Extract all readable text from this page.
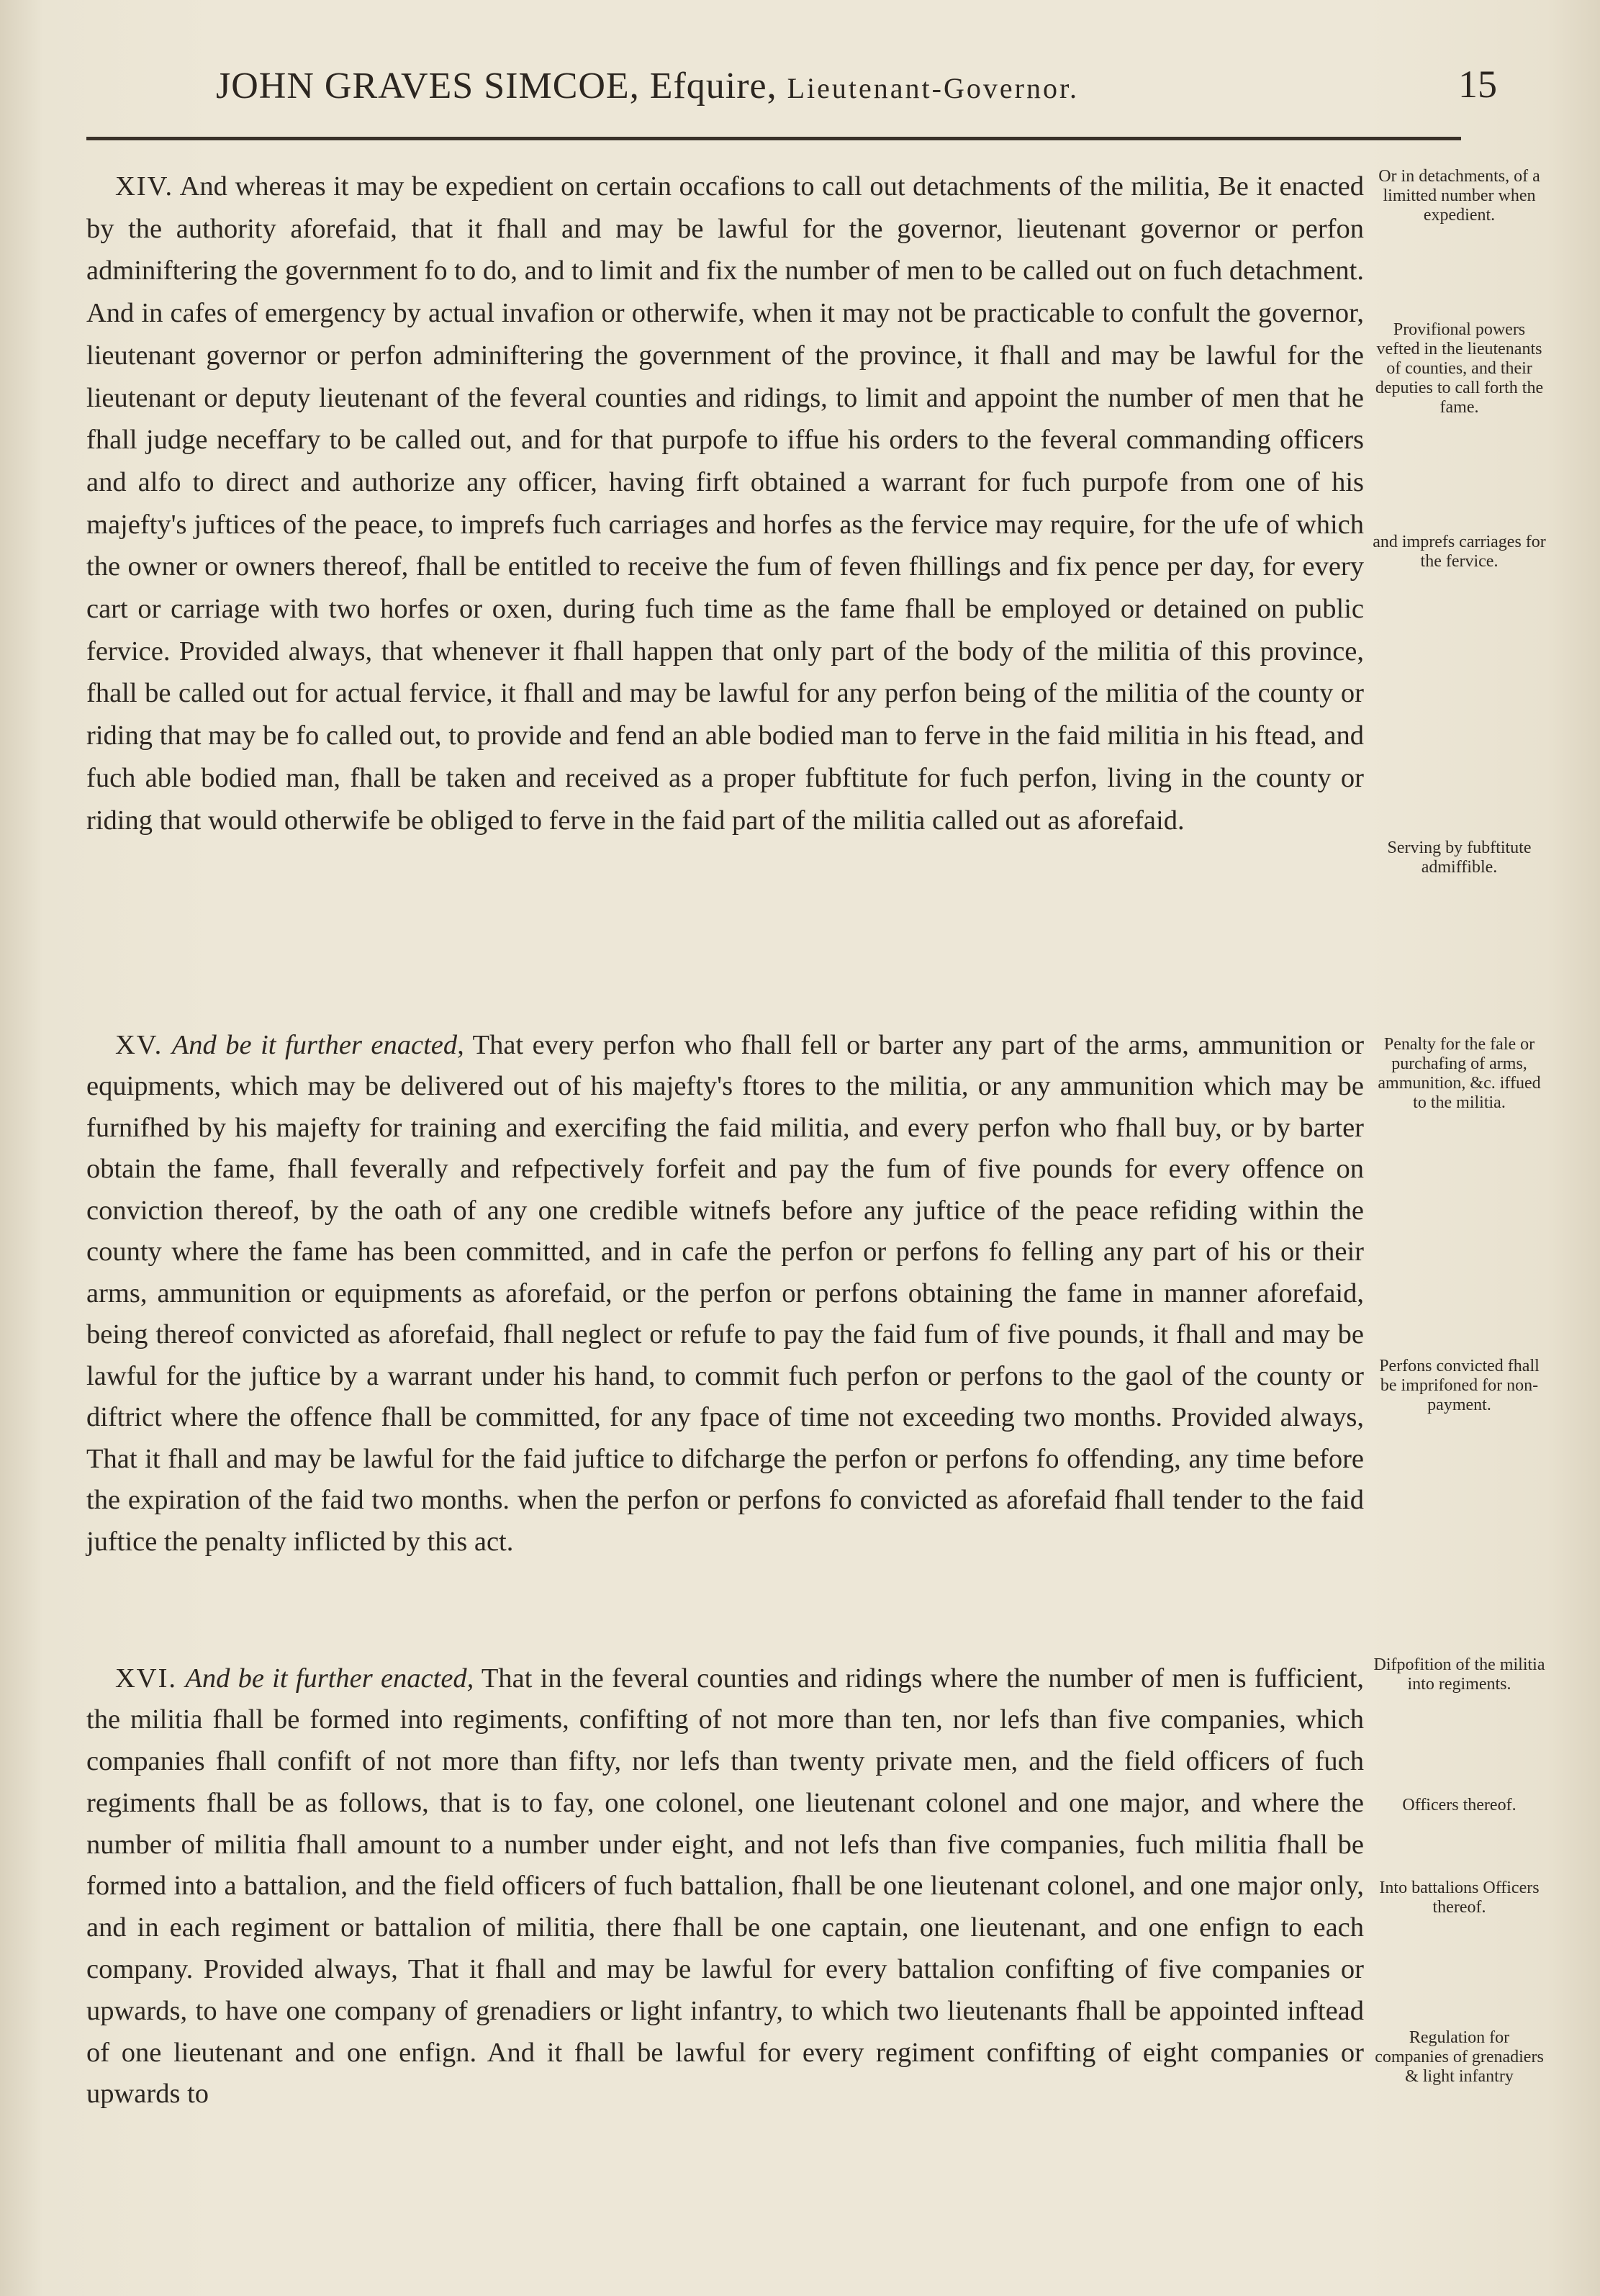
JOHN GRAVES SIMCOE, Efquire, Lieutenant-Governor.	15

XIV. And whereas it may be expedient on certain occafions to call out detachments of the militia, Be it enacted by the authority aforefaid, that it fhall and may be lawful for the governor, lieutenant governor or perfon adminiftering the government fo to do, and to limit and fix the number of men to be called out on fuch detachment. And in cafes of emergency by actual invafion or otherwife, when it may not be practicable to confult the governor, lieutenant governor or perfon adminiftering the government of the province, it fhall and may be lawful for the lieutenant or deputy lieutenant of the feveral counties and ridings, to limit and appoint the number of men that he fhall judge neceffary to be called out, and for that purpofe to iffue his orders to the feveral commanding officers and alfo to direct and authorize any officer, having firft obtained a warrant for fuch purpofe from one of his majefty's juftices of the peace, to imprefs fuch carriages and horfes as the fervice may require, for the ufe of which the owner or owners thereof, fhall be entitled to receive the fum of feven fhillings and fix pence per day, for every cart or carriage with two horfes or oxen, during fuch time as the fame fhall be employed or detained on public fervice. Provided always, that whenever it fhall happen that only part of the body of the militia of this province, fhall be called out for actual fervice, it fhall and may be lawful for any perfon being of the militia of the county or riding that may be fo called out, to provide and fend an able bodied man to ferve in the faid militia in his ftead, and fuch able bodied man, fhall be taken and received as a proper fubftitute for fuch perfon, living in the county or riding that would otherwife be obliged to ferve in the faid part of the militia called out as aforefaid.

XV. And be it further enacted, That every perfon who fhall fell or barter any part of the arms, ammunition or equipments, which may be delivered out of his majefty's ftores to the militia, or any ammunition which may be furnifhed by his majefty for training and exercifing the faid militia, and every perfon who fhall buy, or by barter obtain the fame, fhall feverally and refpectively forfeit and pay the fum of five pounds for every offence on conviction thereof, by the oath of any one credible witnefs before any juftice of the peace refiding within the county where the fame has been committed, and in cafe the perfon or perfons fo felling any part of his or their arms, ammunition or equipments as aforefaid, or the perfon or perfons obtaining the fame in manner aforefaid, being thereof convicted as aforefaid, fhall neglect or refufe to pay the faid fum of five pounds, it fhall and may be lawful for the juftice by a warrant under his hand, to commit fuch perfon or perfons to the gaol of the county or diftrict where the offence fhall be committed, for any fpace of time not exceeding two months. Provided always, That it fhall and may be lawful for the faid juftice to difcharge the perfon or perfons fo offending, any time before the expiration of the faid two months. when the perfon or perfons fo convicted as aforefaid fhall tender to the faid juftice the penalty inflicted by this act.

XVI. And be it further enacted, That in the feveral counties and ridings where the number of men is fufficient, the militia fhall be formed into regiments, confifting of not more than ten, nor lefs than five companies, which companies fhall confift of not more than fifty, nor lefs than twenty private men, and the field officers of fuch regiments fhall be as follows, that is to fay, one colonel, one lieutenant colonel and one major, and where the number of militia fhall amount to a number under eight, and not lefs than five companies, fuch militia fhall be formed into a battalion, and the field officers of fuch battalion, fhall be one lieutenant colonel, and one major only, and in each regiment or battalion of militia, there fhall be one captain, one lieutenant, and one enfign to each company. Provided always, That it fhall and may be lawful for every battalion confifting of five companies or upwards, to have one company of grenadiers or light infantry, to which two lieutenants fhall be appointed inftead of one lieutenant and one enfign. And it fhall be lawful for every regiment confifting of eight companies or upwards to

Or in detachments, of a limitted number when expedient.
Provifional powers vefted in the lieutenants of counties, and their deputies to call forth the fame.
and imprefs carriages for the fervice.
Serving by fubftitute admiffible.
Penalty for the fale or purchafing of arms, ammunition, &c. iffued to the militia.
Perfons convicted fhall be imprifoned for non-payment.
Difpofition of the militia into regiments.
Officers thereof.
Into battalions Officers thereof.
Regulation for companies of grenadiers & light infantry
